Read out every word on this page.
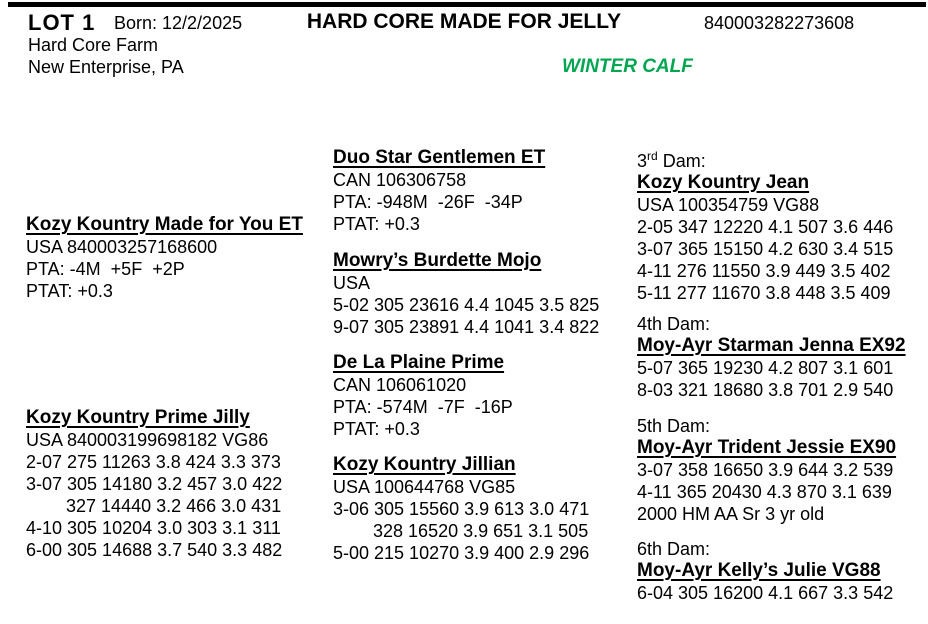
LOT 1 Born: 12/2/2025	HARD CORE MADE FOR JELLY	840003282273608
Hard Core Farm
New Enterprise, PA	WINTER CALF
Kozy Kountry Made for You ET
USA 840003257168600
PTA: -4M  +5F  +2P
PTAT: +0.3
Kozy Kountry Prime Jilly
USA 840003199698182 VG86
2-07 275 11263 3.8 424 3.3 373
3-07 305 14180 3.2 457 3.0 422
327 14440 3.2 466 3.0 431
4-10 305 10204 3.0 303 3.1 311
6-00 305 14688 3.7 540 3.3 482
Duo Star Gentlemen ET
CAN 106306758
PTA: -948M  -26F  -34P
PTAT: +0.3
Mowry’s Burdette Mojo
USA
5-02 305 23616 4.4 1045 3.5 825
9-07 305 23891 4.4 1041 3.4 822
De La Plaine Prime
CAN 106061020
PTA: -574M  -7F  -16P
PTAT: +0.3
Kozy Kountry Jillian
USA 100644768 VG85
3-06 305 15560 3.9 613 3.0 471
328 16520 3.9 651 3.1 505
5-00 215 10270 3.9 400 2.9 296
3rd Dam:
Kozy Kountry Jean
USA 100354759 VG88
2-05 347 12220 4.1 507 3.6 446
3-07 365 15150 4.2 630 3.4 515
4-11 276 11550 3.9 449 3.5 402
5-11 277 11670 3.8 448 3.5 409
4th Dam:
Moy-Ayr Starman Jenna EX92
5-07 365 19230 4.2 807 3.1 601
8-03 321 18680 3.8 701 2.9 540
5th Dam:
Moy-Ayr Trident Jessie EX90
3-07 358 16650 3.9 644 3.2 539
4-11 365 20430 4.3 870 3.1 639
2000 HM AA Sr 3 yr old
6th Dam:
Moy-Ayr Kelly’s Julie VG88
6-04 305 16200 4.1 667 3.3 542
